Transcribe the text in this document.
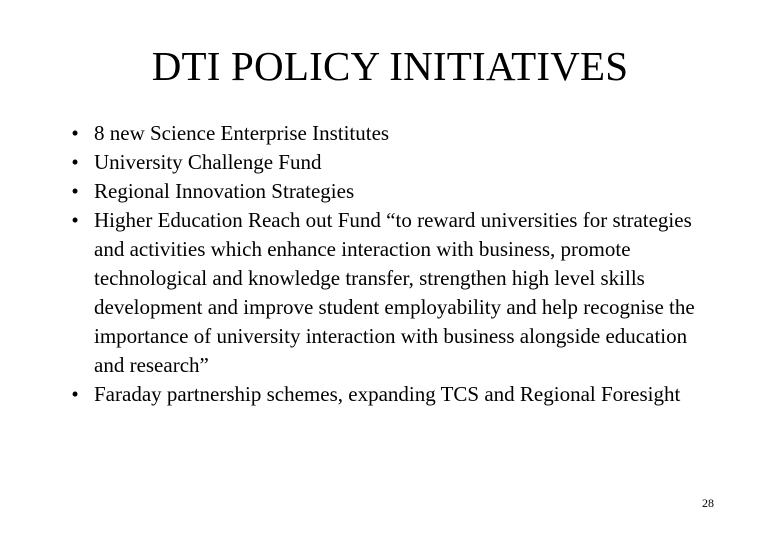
DTI POLICY INITIATIVES
• 8 new Science Enterprise Institutes
• University Challenge Fund
• Regional Innovation Strategies
• Higher Education Reach out Fund “to reward universities for strategies and activities which enhance interaction with business, promote technological and knowledge transfer, strengthen high level skills development and improve student employability and help recognise the importance of university interaction with business alongside education and research”
• Faraday partnership schemes, expanding TCS and Regional Foresight
28
